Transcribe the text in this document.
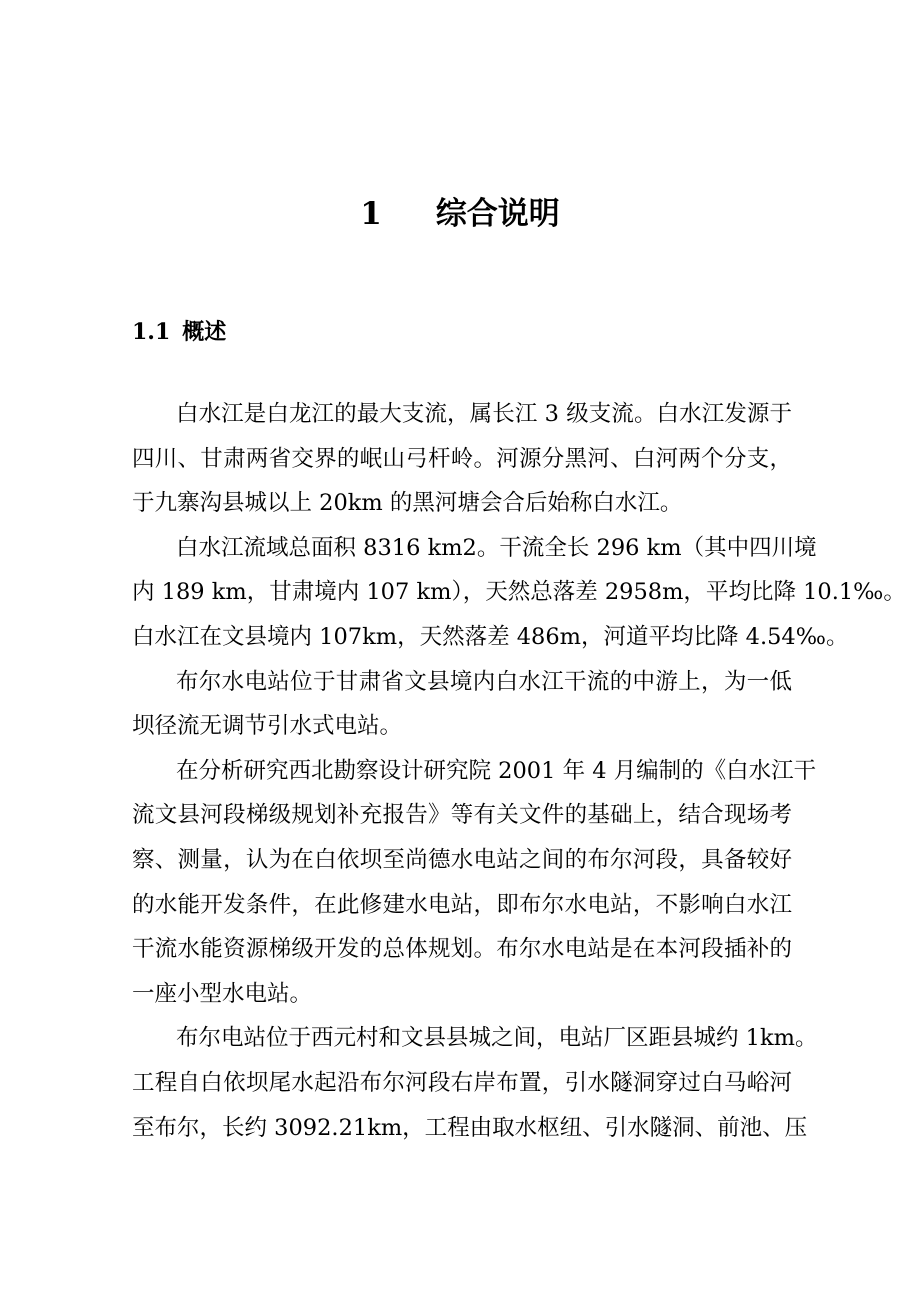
1 综合说明
1.1 概述
白水江是白龙江的最大支流，属长江 3 级支流。白水江发源于
四川、甘肃两省交界的岷山弓杆岭。河源分黑河、白河两个分支，
于九寨沟县城以上 20km 的黑河塘会合后始称白水江。
白水江流域总面积 8316 km2。干流全长 296 km（其中四川境
内 189 km，甘肃境内 107 km），天然总落差 2958m，平均比降 10.1‰。
白水江在文县境内 107km，天然落差 486m，河道平均比降 4.54‰。
布尔水电站位于甘肃省文县境内白水江干流的中游上，为一低
坝径流无调节引水式电站。
在分析研究西北勘察设计研究院 2001 年 4 月编制的《白水江干
流文县河段梯级规划补充报告》等有关文件的基础上，结合现场考
察、测量，认为在白依坝至尚德水电站之间的布尔河段，具备较好
的水能开发条件，在此修建水电站，即布尔水电站，不影响白水江
干流水能资源梯级开发的总体规划。布尔水电站是在本河段插补的
一座小型水电站。
布尔电站位于西元村和文县县城之间，电站厂区距县城约 1km。
工程自白依坝尾水起沿布尔河段右岸布置，引水隧洞穿过白马峪河
至布尔，长约 3092.21km，工程由取水枢纽、引水隧洞、前池、压
